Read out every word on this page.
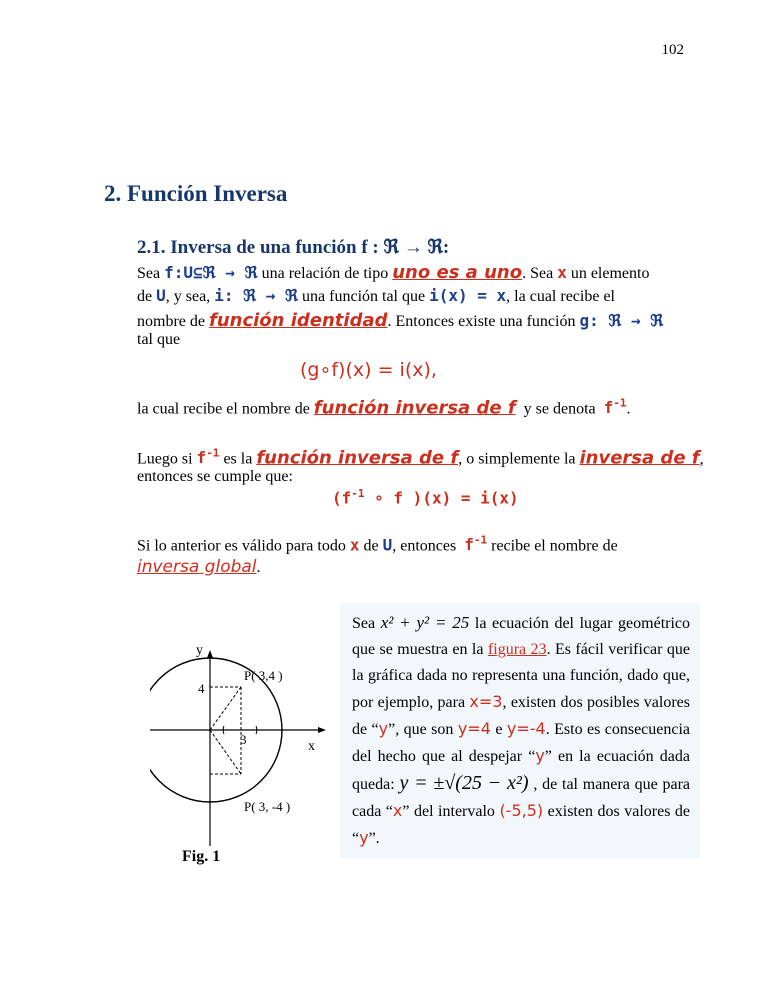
102
2. Función Inversa
2.1. Inversa de una función f : ℜ → ℜ:
Sea f:U⊆ℜ → ℜ una relación de tipo uno es a uno. Sea x un elemento
de U, y sea, i: ℜ → ℜ una función tal que i(x) = x, la cual recibe el
nombre de función identidad. Entonces existe una función g: ℜ → ℜ
tal que
(g∘f)(x) = i(x),
la cual recibe el nombre de función inversa de f y se denota $f^{-1}$.
Luego si $f^{-1}$ es la función inversa de f, o simplemente la inversa de f,
entonces se cumple que:
($f^{-1}$ ∘ f )(x) = i(x)
Si lo anterior es válido para todo x de U, entonces $f^{-1}$ recibe el nombre de
inversa global.
Sea x² + y² = 25 la ecuación del lugar geométrico que se muestra en la figura 23. Es fácil verificar que la gráfica dada no representa una función, dado que, por ejemplo, para x=3, existen dos posibles valores de “y”, que son y=4 e y=-4. Esto es consecuencia del hecho que al despejar “y” en la ecuación dada queda: y = ±√(25 − x²) , de tal manera que para cada “x” del intervalo (-5,5) existen dos valores de “y”.
y
x
P( 3,4 )
P( 3, -4 )
4
3
Fig. 1
